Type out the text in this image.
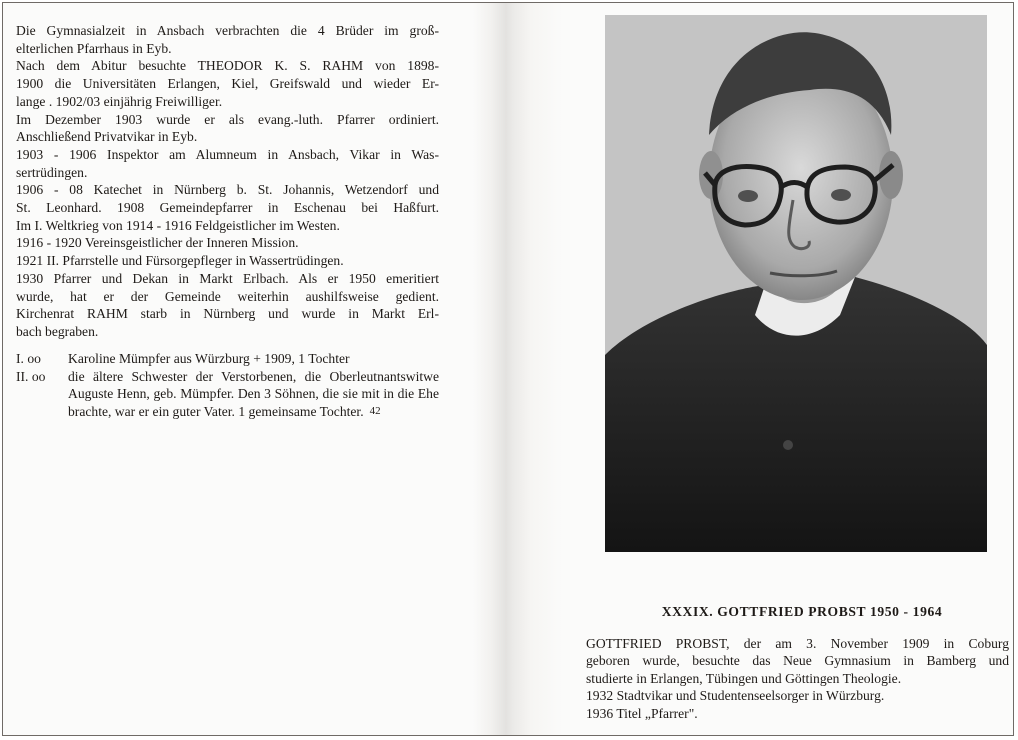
Die Gymnasialzeit in Ansbach verbrachten die 4 Brüder im groß-

elterlichen Pfarrhaus in Eyb.

Nach dem Abitur besuchte THEODOR K. S. RAHM von 1898-

1900 die Universitäten Erlangen, Kiel, Greifswald und wieder Er-

lange . 1902/03 einjährig Freiwilliger.

Im Dezember 1903 wurde er als evang.-luth. Pfarrer ordiniert.

Anschließend Privatvikar in Eyb.

1903 - 1906 Inspektor am Alumneum in Ansbach, Vikar in Was-

sertrüdingen.

1906 - 08 Katechet in Nürnberg b. St. Johannis, Wetzendorf und

St. Leonhard. 1908 Gemeindepfarrer in Eschenau bei Haßfurt.

Im I. Weltkrieg von 1914 - 1916 Feldgeistlicher im Westen.

1916 - 1920 Vereinsgeistlicher der Inneren Mission.

1921 II. Pfarrstelle und Fürsorgepfleger in Wassertrüdingen.

1930 Pfarrer und Dekan in Markt Erlbach. Als er 1950 emeritiert

wurde, hat er der Gemeinde weiterhin aushilfsweise gedient.

Kirchenrat RAHM starb in Nürnberg und wurde in Markt Erl-

bach begraben.

I. oo	Karoline Mümpfer aus Würzburg + 1909, 1 Tochter
II. oo	die ältere Schwester der Verstorbenen, die Oberleutnantswitwe Auguste Henn, geb. Mümpfer. Den 3 Söhnen, die sie mit in die Ehe brachte, war er ein guter Vater. 1 gemeinsame Tochter. 42
XXXIX. GOTTFRIED PROBST 1950 - 1964

GOTTFRIED PROBST, der am 3. November 1909 in Coburg

geboren wurde, besuchte das Neue Gymnasium in Bamberg und

studierte in Erlangen, Tübingen und Göttingen Theologie.

1932 Stadtvikar und Studentenseelsorger in Würzburg.

1936 Titel „Pfarrer".
